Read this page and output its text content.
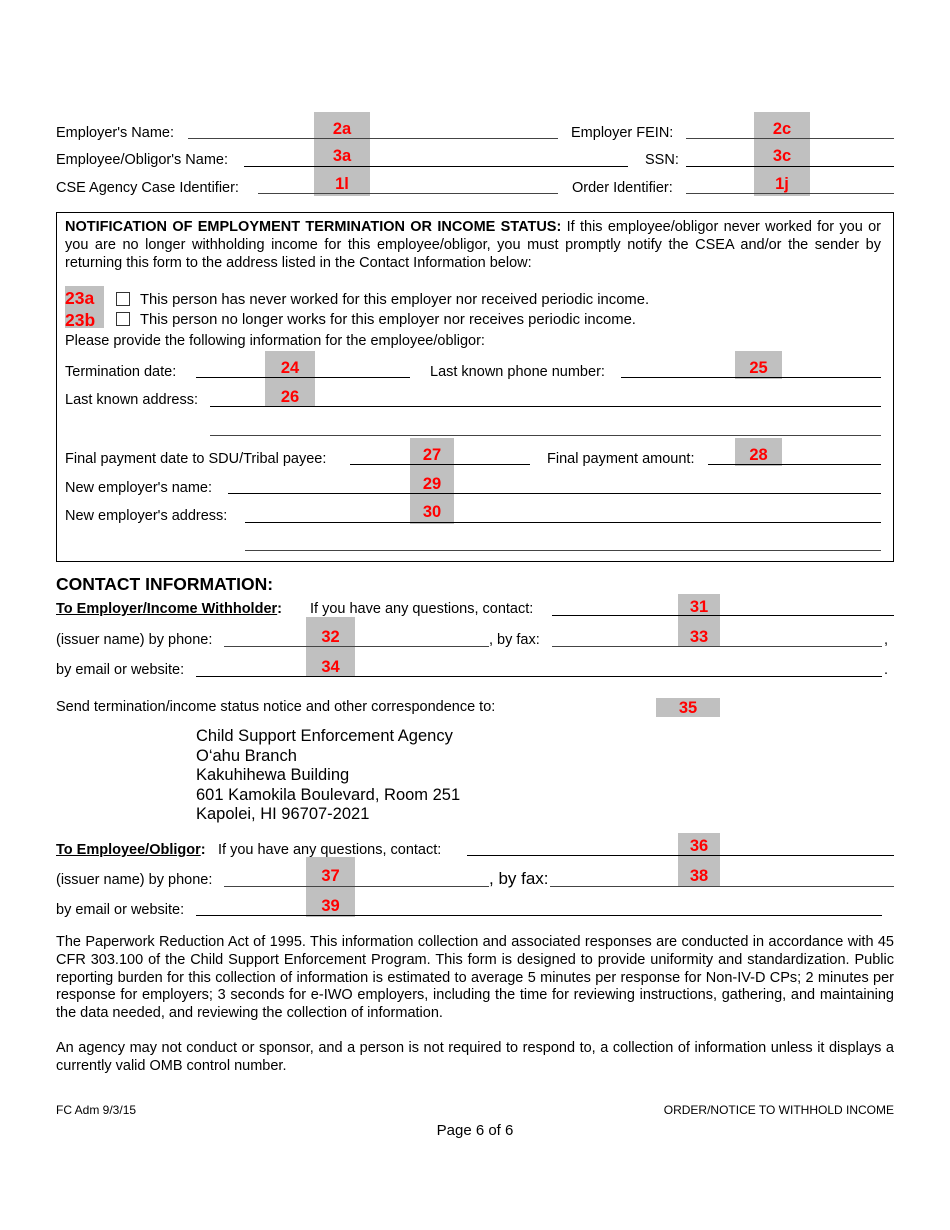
Employer's Name:	2a	Employer FEIN:	2c
Employee/Obligor's Name:	3a	SSN:	3c
CSE Agency Case Identifier:	1l	Order Identifier:	1j
NOTIFICATION OF EMPLOYMENT TERMINATION OR INCOME STATUS: If this employee/obligor never worked for you or you are no longer withholding income for this employee/obligor, you must promptly notify the CSEA and/or the sender by returning this form to the address listed in the Contact Information below:
23a
23b
This person has never worked for this employer nor received periodic income.
This person no longer works for this employer nor receives periodic income.
Please provide the following information for the employee/obligor:
Termination date:	24	Last known phone number:	25
Last known address:	26
Final payment date to SDU/Tribal payee:	27	Final payment amount:	28
New employer's name:	29
New employer's address:	30
CONTACT INFORMATION:
To Employer/Income Withholder: If you have any questions, contact:	31
(issuer name) by phone:	32	, by fax:	33	,
by email or website:	34	.
Send termination/income status notice and other correspondence to:	35
Child Support Enforcement Agency
O‘ahu Branch
Kakuhihewa Building
601 Kamokila Boulevard, Room 251
Kapolei, HI 96707-2021
To Employee/Obligor: If you have any questions, contact:	36
(issuer name) by phone:	37	, by fax:	38
by email or website:	39
The Paperwork Reduction Act of 1995. This information collection and associated responses are conducted in accordance with 45 CFR 303.100 of the Child Support Enforcement Program. This form is designed to provide uniformity and standardization. Public reporting burden for this collection of information is estimated to average 5 minutes per response for Non-IV-D CPs; 2 minutes per response for employers; 3 seconds for e-IWO employers, including the time for reviewing instructions, gathering, and maintaining the data needed, and reviewing the collection of information.
An agency may not conduct or sponsor, and a person is not required to respond to, a collection of information unless it displays a currently valid OMB control number.
FC Adm 9/3/15	ORDER/NOTICE TO WITHHOLD INCOME
Page 6 of 6
